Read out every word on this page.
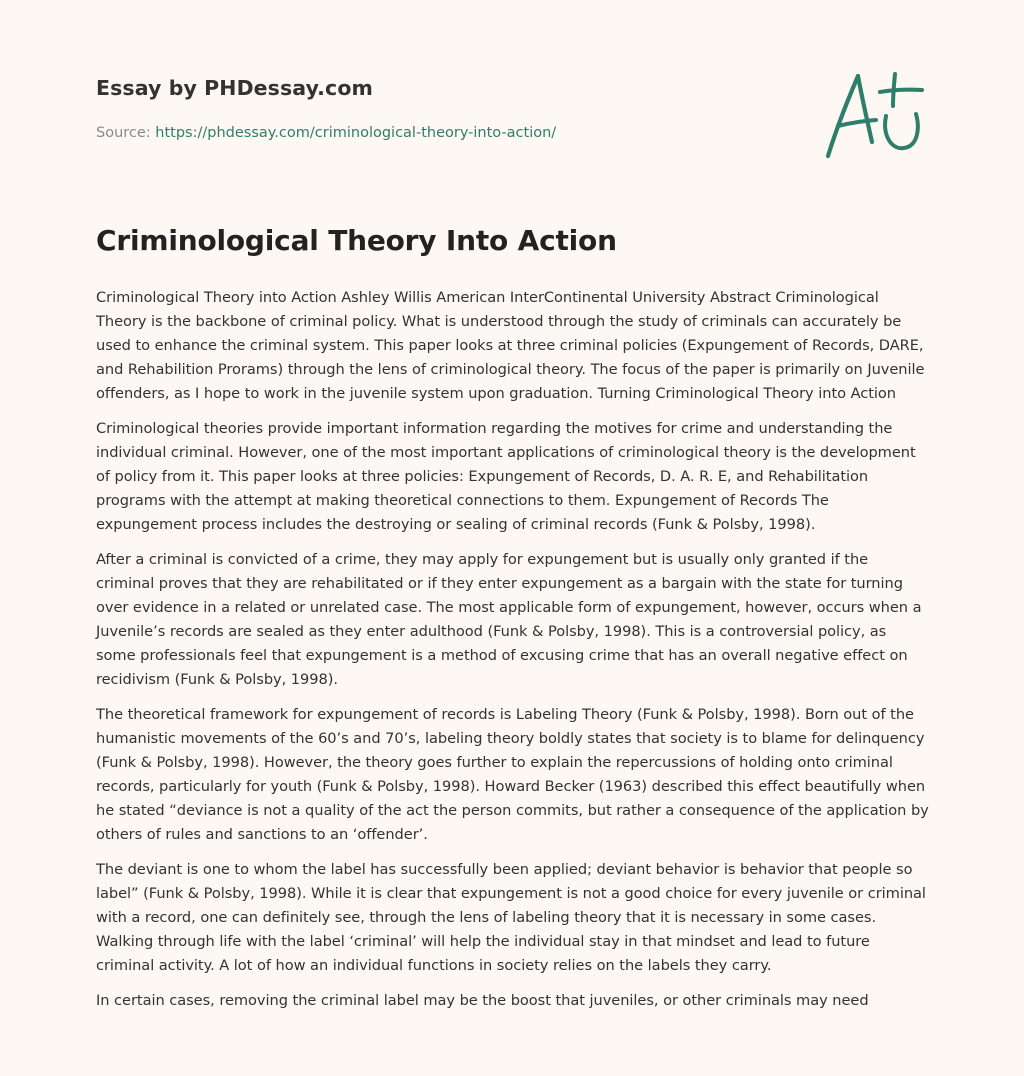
Essay by PHDessay.com
Source: https://phdessay.com/criminological-theory-into-action/
Criminological Theory Into Action

Criminological Theory into Action Ashley Willis American InterContinental University Abstract Criminological Theory is the backbone of criminal policy. What is understood through the study of criminals can accurately be used to enhance the criminal system. This paper looks at three criminal policies (Expungement of Records, DARE, and Rehabilition Prorams) through the lens of criminological theory. The focus of the paper is primarily on Juvenile offenders, as I hope to work in the juvenile system upon graduation. Turning Criminological Theory into Action

Criminological theories provide important information regarding the motives for crime and understanding the individual criminal. However, one of the most important applications of criminological theory is the development of policy from it. This paper looks at three policies: Expungement of Records, D. A. R. E, and Rehabilitation programs with the attempt at making theoretical connections to them. Expungement of Records The expungement process includes the destroying or sealing of criminal records (Funk & Polsby, 1998).

After a criminal is convicted of a crime, they may apply for expungement but is usually only granted if the criminal proves that they are rehabilitated or if they enter expungement as a bargain with the state for turning over evidence in a related or unrelated case. The most applicable form of expungement, however, occurs when a Juvenile’s records are sealed as they enter adulthood (Funk & Polsby, 1998). This is a controversial policy, as some professionals feel that expungement is a method of excusing crime that has an overall negative effect on recidivism (Funk & Polsby, 1998).

The theoretical framework for expungement of records is Labeling Theory (Funk & Polsby, 1998). Born out of the humanistic movements of the 60’s and 70’s, labeling theory boldly states that society is to blame for delinquency (Funk & Polsby, 1998). However, the theory goes further to explain the repercussions of holding onto criminal records, particularly for youth (Funk & Polsby, 1998). Howard Becker (1963) described this effect beautifully when he stated “deviance is not a quality of the act the person commits, but rather a consequence of the application by others of rules and sanctions to an ‘offender’.

The deviant is one to whom the label has successfully been applied; deviant behavior is behavior that people so label” (Funk & Polsby, 1998). While it is clear that expungement is not a good choice for every juvenile or criminal with a record, one can definitely see, through the lens of labeling theory that it is necessary in some cases. Walking through life with the label ‘criminal’ will help the individual stay in that mindset and lead to future criminal activity. A lot of how an individual functions in society relies on the labels they carry.

In certain cases, removing the criminal label may be the boost that juveniles, or other criminals may need
